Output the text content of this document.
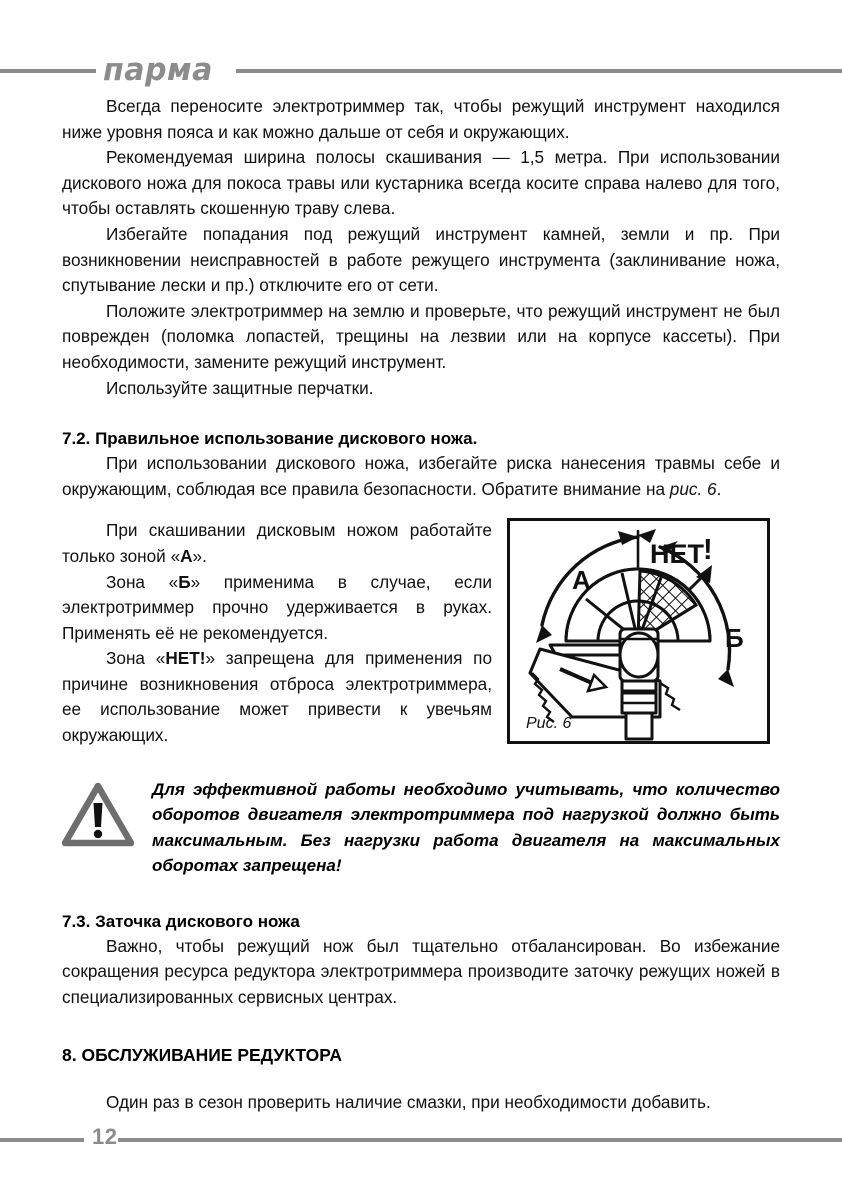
парма

Всегда переносите электротриммер так, чтобы режущий инструмент находился ниже уровня пояса и как можно дальше от себя и окружающих.

Рекомендуемая ширина полосы скашивания — 1,5 метра. При использовании дискового ножа для покоса травы или кустарника всегда косите справа налево для того, чтобы оставлять скошенную траву слева.

Избегайте попадания под режущий инструмент камней, земли и пр. При возникновении неисправностей в работе режущего инструмента (заклинивание ножа, спутывание лески и пр.) отключите его от сети.

Положите электротриммер на землю и проверьте, что режущий инструмент не был поврежден (поломка лопастей, трещины на лезвии или на корпусе кассеты). При необходимости, замените режущий инструмент.

Используйте защитные перчатки.

7.2. Правильное использование дискового ножа.

При использовании дискового ножа, избегайте риска нанесения травмы себе и окружающим, соблюдая все правила безопасности. Обратите внимание на рис. 6.

А
Б
НЕТ !
Рис. 6

При скашивании дисковым ножом работайте только зоной «А».

Зона «Б» применима в случае, если электротриммер прочно удерживается в руках. Применять её не рекомендуется.

Зона «НЕТ!» запрещена для применения по причине возникновения отброса электротриммера, ее использование может привести к увечьям окружающих.

Для эффективной работы необходимо учитывать, что количество оборотов двигателя электротриммера под нагрузкой должно быть максимальным. Без нагрузки работа двигателя на максимальных оборотах запрещена!

7.3. Заточка дискового ножа

Важно, чтобы режущий нож был тщательно отбалансирован. Во избежание сокращения ресурса редуктора электротриммера производите заточку режущих ножей в специализированных сервисных центрах.

8. ОБСЛУЖИВАНИЕ РЕДУКТОРА

Один раз в сезон проверить наличие смазки, при необходимости добавить.

12
